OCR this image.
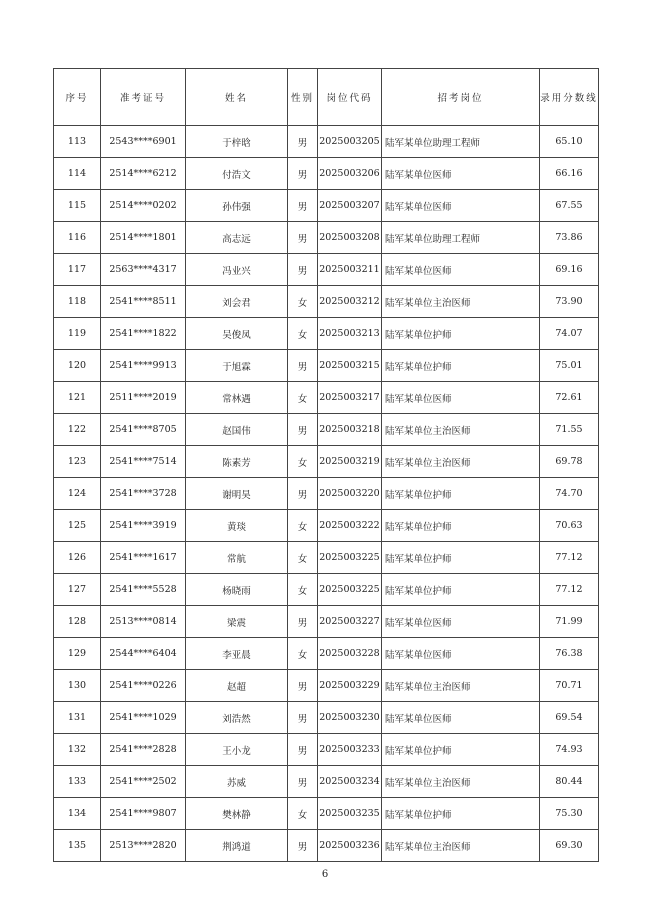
序号	准考证号	姓名	性别	岗位代码	招考岗位	录用分数线
113	2543****6901	于梓晗	男	2025003205	陆军某单位助理工程师	65.10
114	2514****6212	付浩文	男	2025003206	陆军某单位医师	66.16
115	2514****0202	孙伟强	男	2025003207	陆军某单位医师	67.55
116	2514****1801	高志远	男	2025003208	陆军某单位助理工程师	73.86
117	2563****4317	冯业兴	男	2025003211	陆军某单位医师	69.16
118	2541****8511	刘会君	女	2025003212	陆军某单位主治医师	73.90
119	2541****1822	吴俊凤	女	2025003213	陆军某单位护师	74.07
120	2541****9913	于旭霖	男	2025003215	陆军某单位护师	75.01
121	2511****2019	常林遇	女	2025003217	陆军某单位医师	72.61
122	2541****8705	赵国伟	男	2025003218	陆军某单位主治医师	71.55
123	2541****7514	陈素芳	女	2025003219	陆军某单位主治医师	69.78
124	2541****3728	谢明昊	男	2025003220	陆军某单位护师	74.70
125	2541****3919	黄琰	女	2025003222	陆军某单位护师	70.63
126	2541****1617	常航	女	2025003225	陆军某单位护师	77.12
127	2541****5528	杨晓雨	女	2025003225	陆军某单位护师	77.12
128	2513****0814	梁震	男	2025003227	陆军某单位医师	71.99
129	2544****6404	李亚晨	女	2025003228	陆军某单位医师	76.38
130	2541****0226	赵超	男	2025003229	陆军某单位主治医师	70.71
131	2541****1029	刘浩然	男	2025003230	陆军某单位医师	69.54
132	2541****2828	王小龙	男	2025003233	陆军某单位护师	74.93
133	2541****2502	苏威	男	2025003234	陆军某单位主治医师	80.44
134	2541****9807	樊林静	女	2025003235	陆军某单位护师	75.30
135	2513****2820	荆鸿道	男	2025003236	陆军某单位主治医师	69.30
6
